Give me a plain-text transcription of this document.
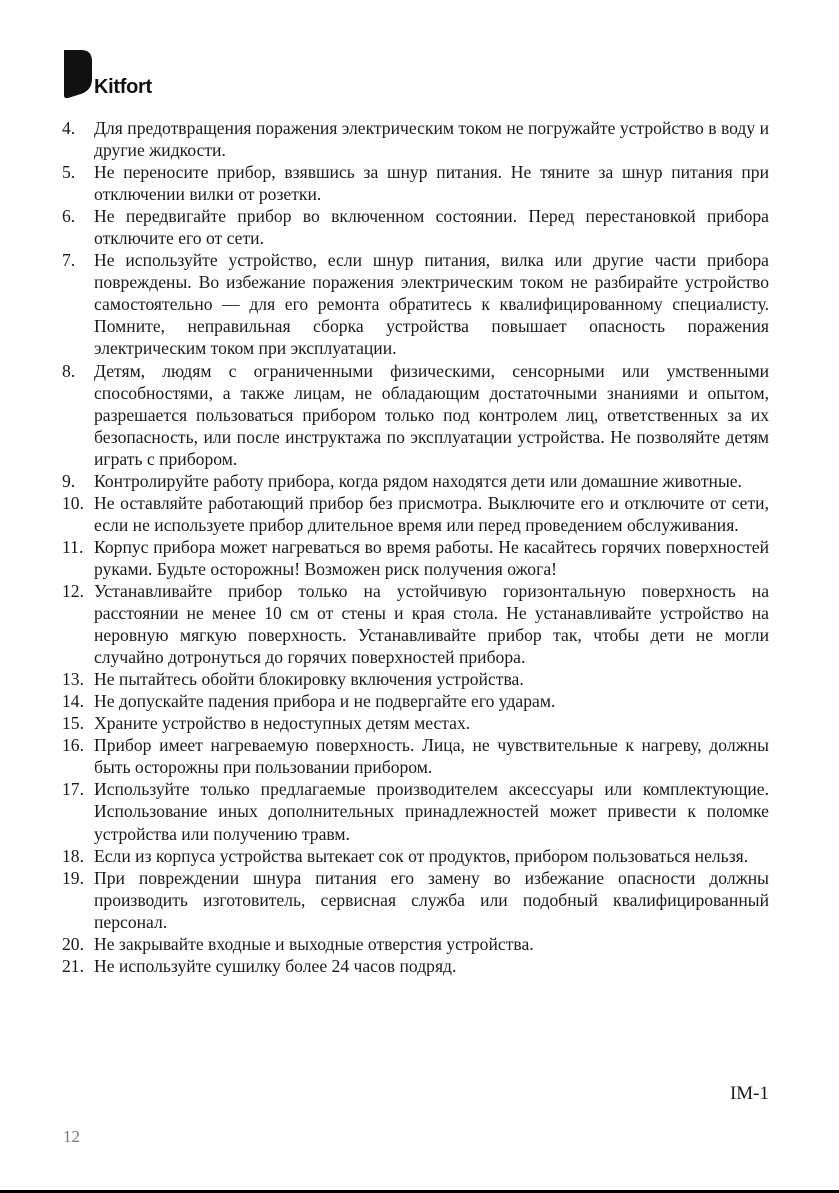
Kitfort
4.	Для предотвращения поражения электрическим током не погружайте устройство в воду и другие жидкости.
5.	Не переносите прибор, взявшись за шнур питания. Не тяните за шнур питания при отключении вилки от розетки.
6.	Не передвигайте прибор во включенном состоянии. Перед перестановкой прибора отключите его от сети.
7.	Не используйте устройство, если шнур питания, вилка или другие части прибора повреждены. Во избежание поражения электрическим током не разбирайте устройство самостоятельно — для его ремонта обратитесь к квалифицированному специалисту. Помните, неправильная сборка устройства повышает опасность поражения электрическим током при эксплуатации.
8.	Детям, людям с ограниченными физическими, сенсорными или умственными способностями, а также лицам, не обладающим достаточными знаниями и опытом, разрешается пользоваться прибором только под контролем лиц, ответственных за их безопасность, или после инструктажа по эксплуатации устройства. Не позволяйте детям играть с прибором.
9.	Контролируйте работу прибора, когда рядом находятся дети или домашние животные.
10. Не оставляйте работающий прибор без присмотра. Выключите его и отключите от сети, если не используете прибор длительное время или перед проведением обслуживания.
11. Корпус прибора может нагреваться во время работы. Не касайтесь горячих поверхностей руками. Будьте осторожны! Возможен риск получения ожога!
12. Устанавливайте прибор только на устойчивую горизонтальную поверхность на расстоянии не менее 10 см от стены и края стола. Не устанавливайте устройство на неровную мягкую поверхность. Устанавливайте прибор так, чтобы дети не могли случайно дотронуться до горячих поверхностей прибора.
13. Не пытайтесь обойти блокировку включения устройства.
14. Не допускайте падения прибора и не подвергайте его ударам.
15. Храните устройство в недоступных детям местах.
16. Прибор имеет нагреваемую поверхность. Лица, не чувствительные к нагреву, должны быть осторожны при пользовании прибором.
17. Используйте только предлагаемые производителем аксессуары или комплектующие. Использование иных дополнительных принадлежностей может привести к поломке устройства или получению травм.
18. Если из корпуса устройства вытекает сок от продуктов, прибором пользоваться нельзя.
19. При повреждении шнура питания его замену во избежание опасности должны производить изготовитель, сервисная служба или подобный квалифицированный персонал.
20. Не закрывайте входные и выходные отверстия устройства.
21. Не используйте сушилку более 24 часов подряд.
IM-1
12
